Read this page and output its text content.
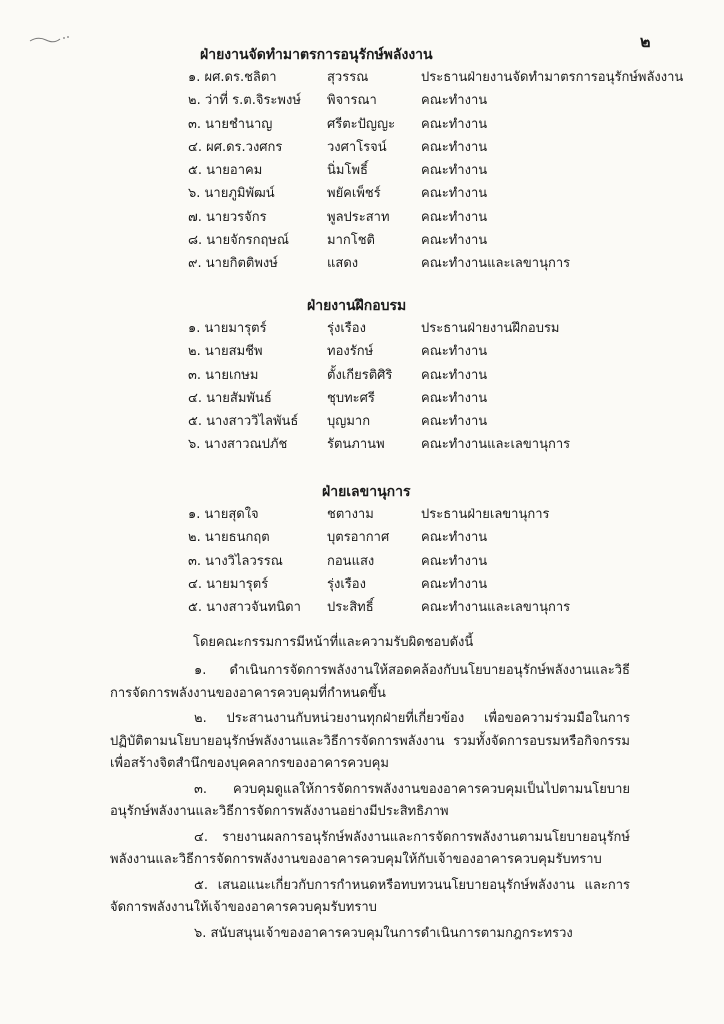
๒
ฝ่ายงานจัดทำมาตรการอนุรักษ์พลังงาน
๑. ผศ.ดร.ชลิตา	สุวรรณ	ประธานฝ่ายงานจัดทำมาตรการอนุรักษ์พลังงาน
๒. ว่าที่ ร.ต.จิระพงษ์ พิจารณา	คณะทำงาน
๓. นายชำนาญ	ศรีตะปัญญะ คณะทำงาน
๔. ผศ.ดร.วงศกร	วงศาโรจน์	คณะทำงาน
๕. นายอาคม	นิ่มโพธิ์	คณะทำงาน
๖. นายภูมิพัฒน์	พยัคเพ็ชร์	คณะทำงาน
๗. นายวรจักร	พูลประสาท คณะทำงาน
๘. นายจักรกฤษณ์	มากโชติ	คณะทำงาน
๙. นายกิตติพงษ์	แสดง	คณะทำงานและเลขานุการ
ฝ่ายงานฝึกอบรม
๑. นายมารุตร์	รุ่งเรือง	ประธานฝ่ายงานฝึกอบรม
๒. นายสมชีพ	ทองรักษ์	คณะทำงาน
๓. นายเกษม	ตั้งเกียรติศิริ คณะทำงาน
๔. นายสัมพันธ์	ชุบทะศรี	คณะทำงาน
๕. นางสาววิไลพันธ์ บุญมาก	คณะทำงาน
๖. นางสาวณปภัช	รัตนภานพ	คณะทำงานและเลขานุการ
ฝ่ายเลขานุการ
๑. นายสุดใจ	ชตางาม	ประธานฝ่ายเลขานุการ
๒. นายธนกฤต	บุตรอากาศ คณะทำงาน
๓. นางวิไลวรรณ	กอนแสง	คณะทำงาน
๔. นายมารุตร์	รุ่งเรือง	คณะทำงาน
๕. นางสาวจันทนิดา ประสิทธิ์	คณะทำงานและเลขานุการ
โดยคณะกรรมการมีหน้าที่และความรับผิดชอบดังนี้

๑. ดำเนินการจัดการพลังงานให้สอดคล้องกับนโยบายอนุรักษ์พลังงานและวิธีการจัดการพลังงานของอาคารควบคุมที่กำหนดขึ้น

๒. ประสานงานกับหน่วยงานทุกฝ่ายที่เกี่ยวข้อง เพื่อขอความร่วมมือในการปฏิบัติตามนโยบายอนุรักษ์พลังงานและวิธีการจัดการพลังงาน รวมทั้งจัดการอบรมหรือกิจกรรมเพื่อสร้างจิตสำนึกของบุคคลากรของอาคารควบคุม

๓. ควบคุมดูแลให้การจัดการพลังงานของอาคารควบคุมเป็นไปตามนโยบายอนุรักษ์พลังงานและวิธีการจัดการพลังงานอย่างมีประสิทธิภาพ

๔. รายงานผลการอนุรักษ์พลังงานและการจัดการพลังงานตามนโยบายอนุรักษ์พลังงานและวิธีการจัดการพลังงานของอาคารควบคุมให้กับเจ้าของอาคารควบคุมรับทราบ

๕. เสนอแนะเกี่ยวกับการกำหนดหรือทบทวนนโยบายอนุรักษ์พลังงาน และการจัดการพลังงานให้เจ้าของอาคารควบคุมรับทราบ

๖. สนับสนุนเจ้าของอาคารควบคุมในการดำเนินการตามกฎกระทรวง
